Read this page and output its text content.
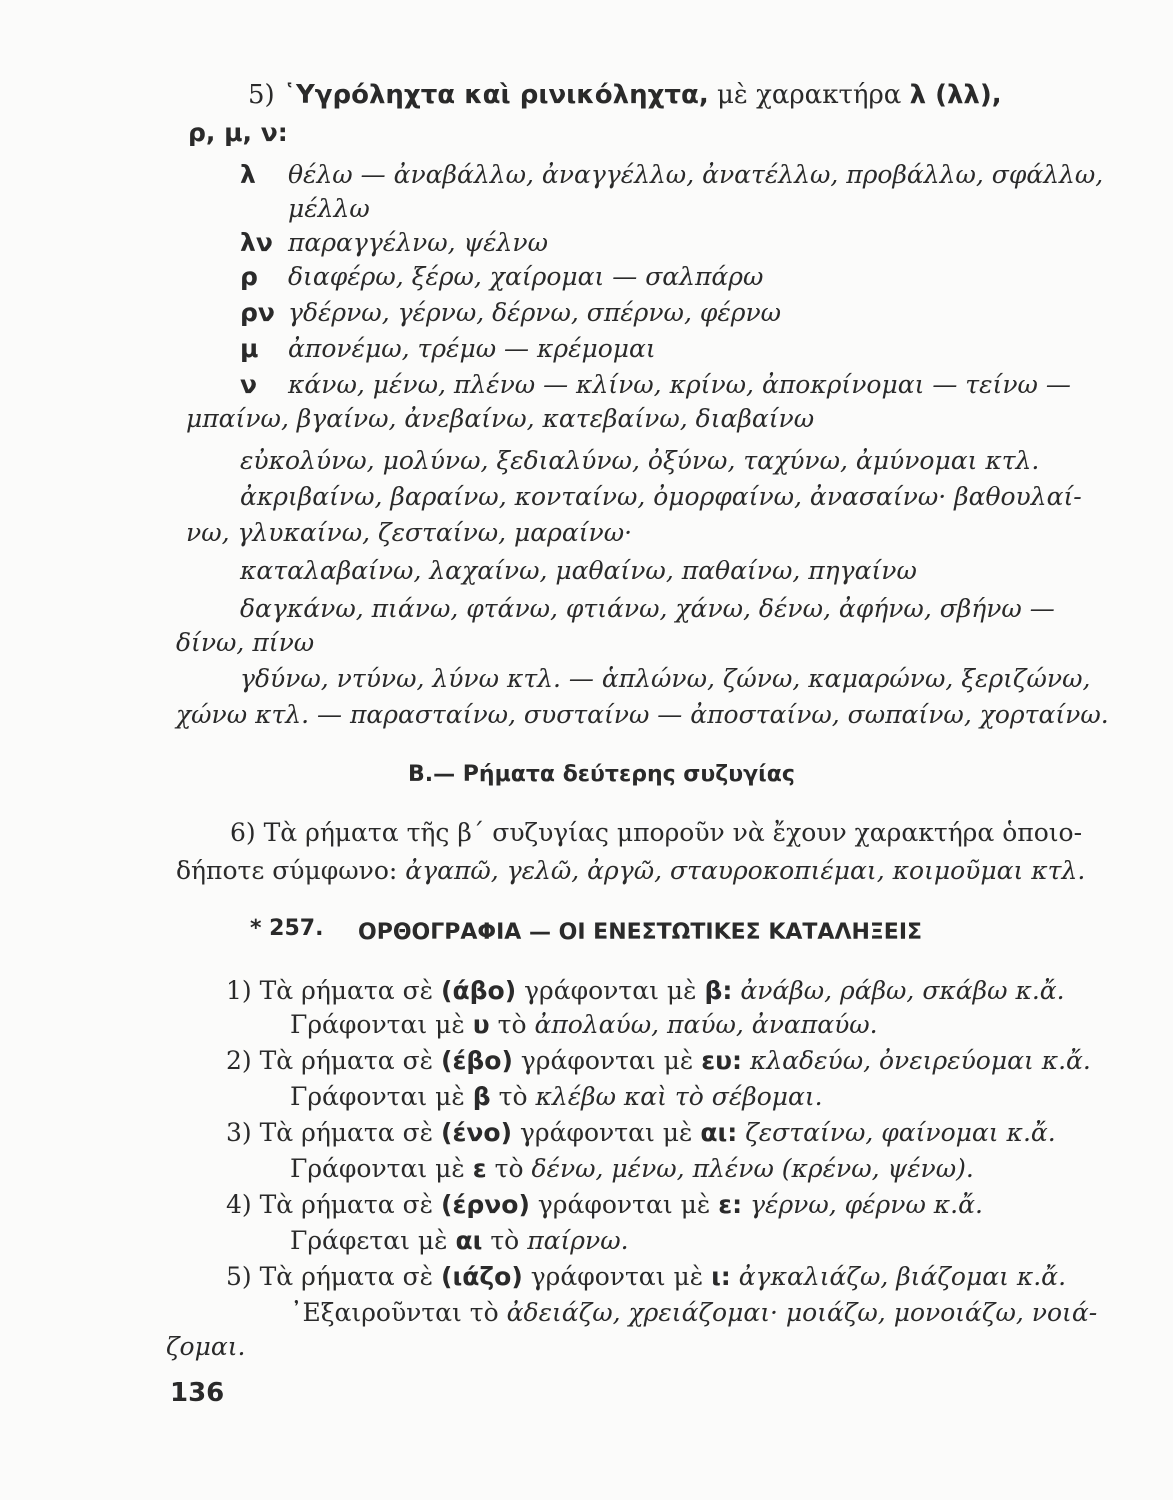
5) ῾Υγρόληχτα καὶ ρινικόληχτα, μὲ χαρακτήρα λ (λλ),
ρ, μ, ν:
λ θέλω — ἀναβάλλω, ἀναγγέλλω, ἀνατέλλω, προβάλλω, σφάλλω,
μέλλω
λν παραγγέλνω, ψέλνω
ρ διαφέρω, ξέρω, χαίρομαι — σαλπάρω
ρν γδέρνω, γέρνω, δέρνω, σπέρνω, φέρνω
μ ἀπονέμω, τρέμω — κρέμομαι
ν κάνω, μένω, πλένω — κλίνω, κρίνω, ἀποκρίνομαι — τείνω —
μπαίνω, βγαίνω, ἀνεβαίνω, κατεβαίνω, διαβαίνω
εὐκολύνω, μολύνω, ξεδιαλύνω, ὀξύνω, ταχύνω, ἀμύνομαι κτλ.
ἀκριβαίνω, βαραίνω, κονταίνω, ὀμορφαίνω, ἀνασαίνω· βαθουλαί-
νω, γλυκαίνω, ζεσταίνω, μαραίνω·
καταλαβαίνω, λαχαίνω, μαθαίνω, παθαίνω, πηγαίνω
δαγκάνω, πιάνω, φτάνω, φτιάνω, χάνω, δένω, ἀφήνω, σβήνω —
δίνω, πίνω
γδύνω, ντύνω, λύνω κτλ. — ἁπλώνω, ζώνω, καμαρώνω, ξεριζώνω,
χώνω κτλ. — παρασταίνω, συσταίνω — ἀποσταίνω, σωπαίνω, χορταίνω.
Β.— Ρήματα δεύτερης συζυγίας
6) Τὰ ρήματα τῆς β΄ συζυγίας μποροῦν νὰ ἔχουν χαρακτήρα ὁποιο-
δήποτε σύμφωνο: ἀγαπῶ, γελῶ, ἀργῶ, σταυροκοπιέμαι, κοιμοῦμαι κτλ.
* 257. ΟΡΘΟΓΡΑΦΙΑ — ΟΙ ΕΝΕΣΤΩΤΙΚΕΣ ΚΑΤΑΛΗΞΕΙΣ
1) Τὰ ρήματα σὲ (άβο) γράφονται μὲ β: ἀνάβω, ράβω, σκάβω κ.ἄ.
Γράφονται μὲ υ τὸ ἀπολαύω, παύω, ἀναπαύω.
2) Τὰ ρήματα σὲ (έβο) γράφονται μὲ ευ: κλαδεύω, ὀνειρεύομαι κ.ἄ.
Γράφονται μὲ β τὸ κλέβω καὶ τὸ σέβομαι.
3) Τὰ ρήματα σὲ (ένο) γράφονται μὲ αι: ζεσταίνω, φαίνομαι κ.ἄ.
Γράφονται μὲ ε τὸ δένω, μένω, πλένω (κρένω, ψένω).
4) Τὰ ρήματα σὲ (έρνο) γράφονται μὲ ε: γέρνω, φέρνω κ.ἄ.
Γράφεται μὲ αι τὸ παίρνω.
5) Τὰ ρήματα σὲ (ιάζο) γράφονται μὲ ι: ἀγκαλιάζω, βιάζομαι κ.ἄ.
᾿Εξαιροῦνται τὸ ἀδειάζω, χρειάζομαι· μοιάζω, μονοιάζω, νοιά-
ζομαι.
136
